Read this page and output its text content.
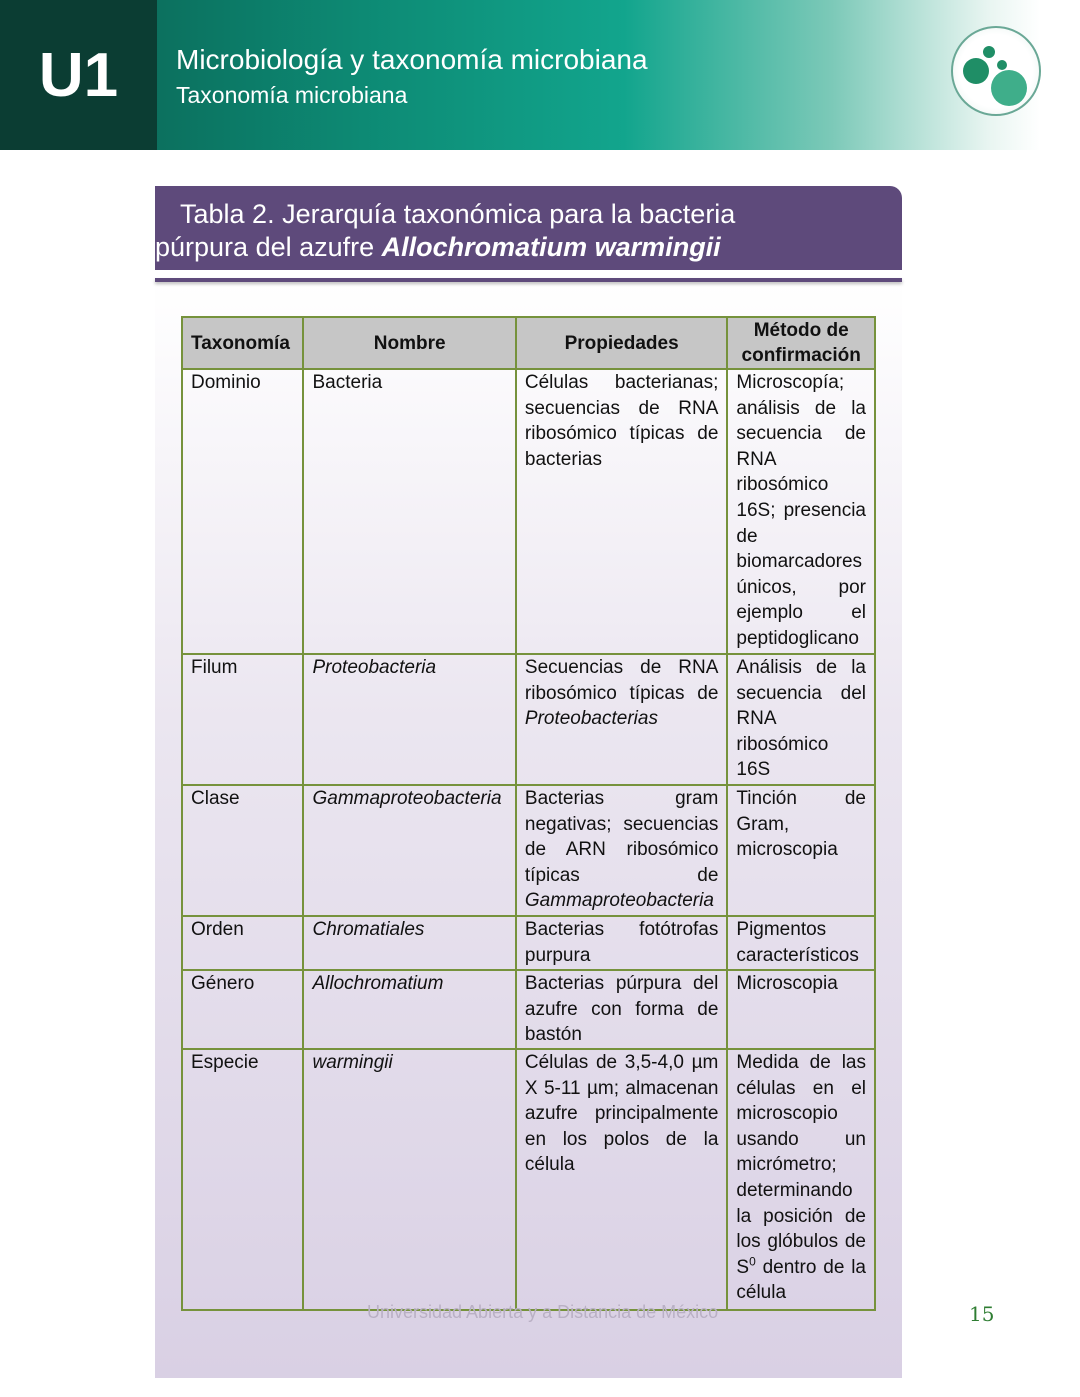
U1	Microbiología y taxonomía microbiana
Taxonomía microbiana
Tabla 2. Jerarquía taxonómica para la bacteria
púrpura del azufre Allochromatium warmingii
Taxonomía	Nombre	Propiedades	Método de confirmación
Dominio	Bacteria	Células bacterianas; secuencias de RNA ribosómico típicas de bacterias	Microscopía; análisis de la secuencia de RNA ribosómico 16S; presencia de biomarcadores únicos, por ejemplo el peptidoglicano
Filum	Proteobacteria	Secuencias de RNA ribosómico típicas de Proteobacterias	Análisis de la secuencia del RNA ribosómico 16S
Clase	Gammaproteobacteria	Bacterias gram negativas; secuencias de ARN ribosómico típicas de Gammaproteobacteria	Tinción de Gram, microscopia
Orden	Chromatiales	Bacterias fotótrofas purpura	Pigmentos característicos
Género	Allochromatium	Bacterias púrpura del azufre con forma de bastón	Microscopia
Especie	warmingii	Células de 3,5-4,0 µm X 5-11 µm; almacenan azufre principalmente en los polos de la célula	Medida de las células en el microscopio usando un micrómetro; determinando la posición de los glóbulos de $S^0$ dentro de la célula
Universidad Abierta y a Distancia de México	15
